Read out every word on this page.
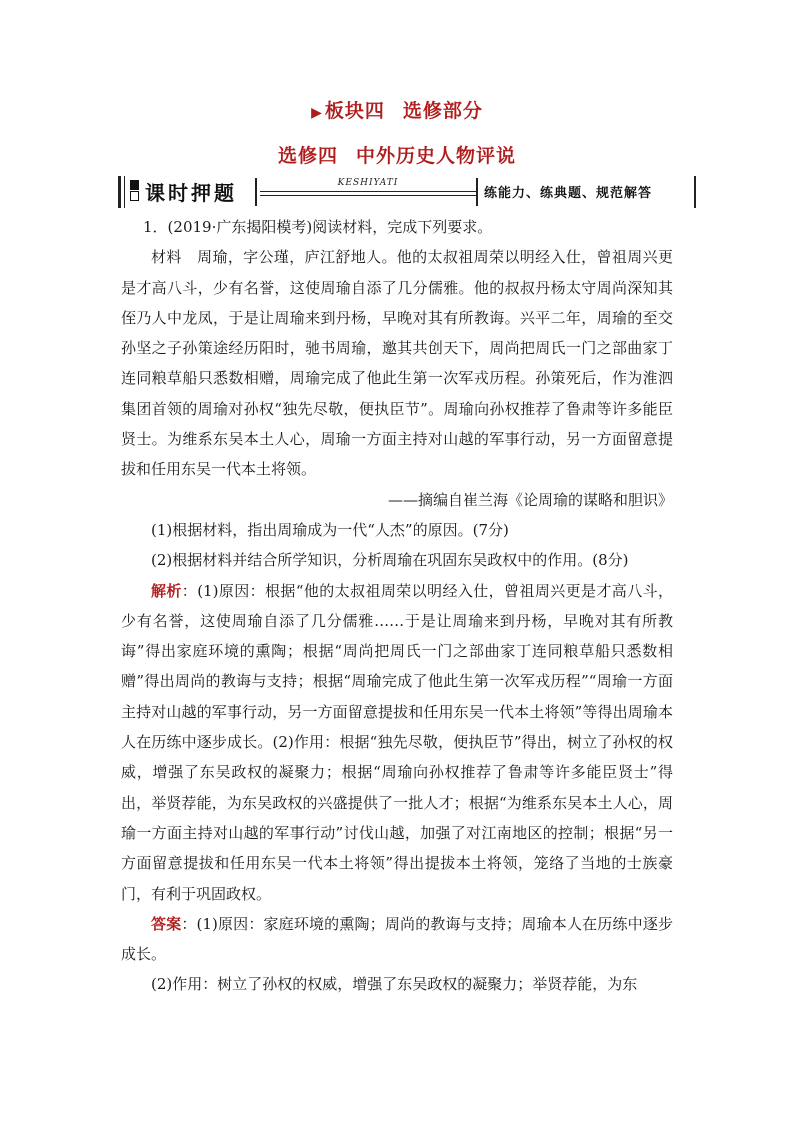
▶ 板块四 选修部分
选修四 中外历史人物评说
课时押题	KESHIYATI
练能力、练典题、规范解答

1．(2019·广东揭阳模考)阅读材料，完成下列要求。

材料　周瑜，字公瑾，庐江舒地人。他的太叔祖周荣以明经入仕，曾祖周兴更是才高八斗，少有名誉，这使周瑜自添了几分儒雅。他的叔叔丹杨太守周尚深知其侄乃人中龙凤，于是让周瑜来到丹杨，早晚对其有所教诲。兴平二年，周瑜的至交孙坚之子孙策途经历阳时，驰书周瑜，邀其共创天下，周尚把周氏一门之部曲家丁连同粮草船只悉数相赠，周瑜完成了他此生第一次军戎历程。孙策死后，作为淮泗集团首领的周瑜对孙权“独先尽敬，便执臣节”。周瑜向孙权推荐了鲁肃等许多能臣贤士。为维系东吴本土人心，周瑜一方面主持对山越的军事行动，另一方面留意提拔和任用东吴一代本土将领。

——摘编自崔兰海《论周瑜的谋略和胆识》

(1)根据材料，指出周瑜成为一代“人杰”的原因。(7分)

(2)根据材料并结合所学知识，分析周瑜在巩固东吴政权中的作用。(8分)

解析：(1)原因：根据“他的太叔祖周荣以明经入仕，曾祖周兴更是才高八斗，少有名誉，这使周瑜自添了几分儒雅……于是让周瑜来到丹杨，早晚对其有所教诲”得出家庭环境的熏陶；根据“周尚把周氏一门之部曲家丁连同粮草船只悉数相赠”得出周尚的教诲与支持；根据“周瑜完成了他此生第一次军戎历程”“周瑜一方面主持对山越的军事行动，另一方面留意提拔和任用东吴一代本土将领”等得出周瑜本人在历练中逐步成长。(2)作用：根据“独先尽敬，便执臣节”得出，树立了孙权的权威，增强了东吴政权的凝聚力；根据“周瑜向孙权推荐了鲁肃等许多能臣贤士”得出，举贤荐能，为东吴政权的兴盛提供了一批人才；根据“为维系东吴本土人心，周瑜一方面主持对山越的军事行动”讨伐山越，加强了对江南地区的控制；根据“另一方面留意提拔和任用东吴一代本土将领”得出提拔本土将领，笼络了当地的士族豪门，有利于巩固政权。

答案：(1)原因：家庭环境的熏陶；周尚的教诲与支持；周瑜本人在历练中逐步成长。

(2)作用：树立了孙权的权威，增强了东吴政权的凝聚力；举贤荐能，为东
